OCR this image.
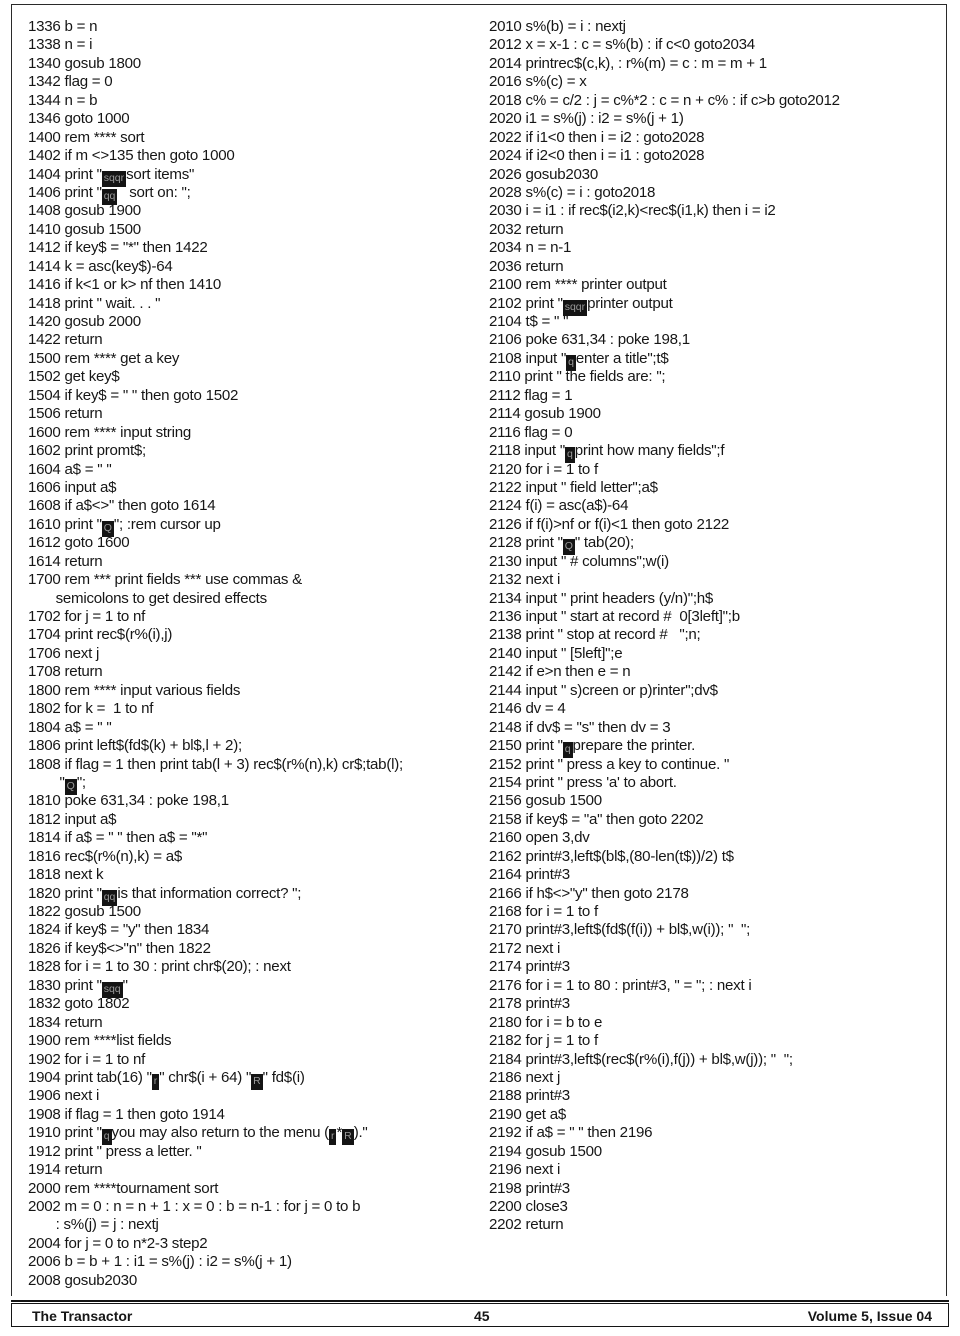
1336 b = n
1338 n = i
1340 gosub 1800
1342 flag = 0
1344 n = b
1346 goto 1000
1400 rem **** sort
1402 if m <>135 then goto 1000
1404 print " sqqr sort items"
1406 print " qq   sort on: ";
1408 gosub 1900
1410 gosub 1500
1412 if key$ = "*" then 1422
1414 k = asc(key$)-64
1416 if k<1 or k> nf then 1410
1418 print " wait. . . "
1420 gosub 2000
1422 return
1500 rem **** get a key
1502 get key$
1504 if key$ = " " then goto 1502
1506 return
1600 rem **** input string
1602 print promt$;
1604 a$ = " "
1606 input a$
1608 if a$<>'' then goto 1614
1610 print " Q "; :rem cursor up
1612 goto 1600
1614 return
1700 rem *** print fields *** use commas &
semicolons to get desired effects
1702 for j = 1 to nf
1704 print rec$(r%(i),j)
1706 next j
1708 return
1800 rem **** input various fields
1802 for k =  1 to nf
1804 a$ = " "
1806 print left$(fd$(k) + bl$,l + 2);
1808 if flag = 1 then print tab(l + 3) rec$(r%(n),k) cr$;tab(l);
" Q ";
1810 poke 631,34 : poke 198,1
1812 input a$
1814 if a$ = " " then a$ = "*"
1816 rec$(r%(n),k) = a$
1818 next k
1820 print " qq is that information correct? ";
1822 gosub 1500
1824 if key$ = "y" then 1834
1826 if key$<>"n" then 1822
1828 for i = 1 to 30 : print chr$(20); : next
1830 print " sqq "
1832 goto 1802
1834 return
1900 rem ****list fields
1902 for i = 1 to nf
1904 print tab(16) " r " chr$(i + 64) " R " fd$(i)
1906 next i
1908 if flag = 1 then goto 1914
1910 print " q you may also return to the menu ( r * R )."
1912 print " press a letter. "
1914 return
2000 rem ****tournament sort
2002 m = 0 : n = n + 1 : x = 0 : b = n-1 : for j = 0 to b
: s%(j) = j : nextj
2004 for j = 0 to n*2-3 step2
2006 b = b + 1 : i1 = s%(j) : i2 = s%(j + 1)
2008 gosub2030
2010 s%(b) = i : nextj
2012 x = x-1 : c = s%(b) : if c<0 goto2034
2014 printrec$(c,k), : r%(m) = c : m = m + 1
2016 s%(c) = x
2018 c% = c/2 : j = c%*2 : c = n + c% : if c>b goto2012
2020 i1 = s%(j) : i2 = s%(j + 1)
2022 if i1<0 then i = i2 : goto2028
2024 if i2<0 then i = i1 : goto2028
2026 gosub2030
2028 s%(c) = i : goto2018
2030 i = i1 : if rec$(i2,k)<rec$(i1,k) then i = i2
2032 return
2034 n = n-1
2036 return
2100 rem **** printer output
2102 print " sqqr printer output
2104 t$ = " "
2106 poke 631,34 : poke 198,1
2108 input " q enter a title";t$
2110 print " the fields are: ";
2112 flag = 1
2114 gosub 1900
2116 flag = 0
2118 input " q print how many fields";f
2120 for i = 1 to f
2122 input " field letter";a$
2124 f(i) = asc(a$)-64
2126 if f(i)>nf or f(i)<1 then goto 2122
2128 print " Q " tab(20);
2130 input " # columns";w(i)
2132 next i
2134 input " print headers (y/n)";h$
2136 input " start at record #  0[3left]";b
2138 print " stop at record #   ";n;
2140 input " [5left]";e
2142 if e>n then e = n
2144 input " s)creen or p)rinter";dv$
2146 dv = 4
2148 if dv$ = "s" then dv = 3
2150 print " q prepare the printer.
2152 print " press a key to continue. "
2154 print " press 'a' to abort.
2156 gosub 1500
2158 if key$ = "a" then goto 2202
2160 open 3,dv
2162 print#3,left$(bl$,(80-len(t$))/2) t$
2164 print#3
2166 if h$<>"y" then goto 2178
2168 for i = 1 to f
2170 print#3,left$(fd$(f(i)) + bl$,w(i)); "  ";
2172 next i
2174 print#3
2176 for i = 1 to 80 : print#3, " = "; : next i
2178 print#3
2180 for i = b to e
2182 for j = 1 to f
2184 print#3,left$(rec$(r%(i),f(j)) + bl$,w(j)); "  ";
2186 next j
2188 print#3
2190 get a$
2192 if a$ = " " then 2196
2194 gosub 1500
2196 next i
2198 print#3
2200 close3
2202 return
The Transactor	45	Volume 5, Issue 04
